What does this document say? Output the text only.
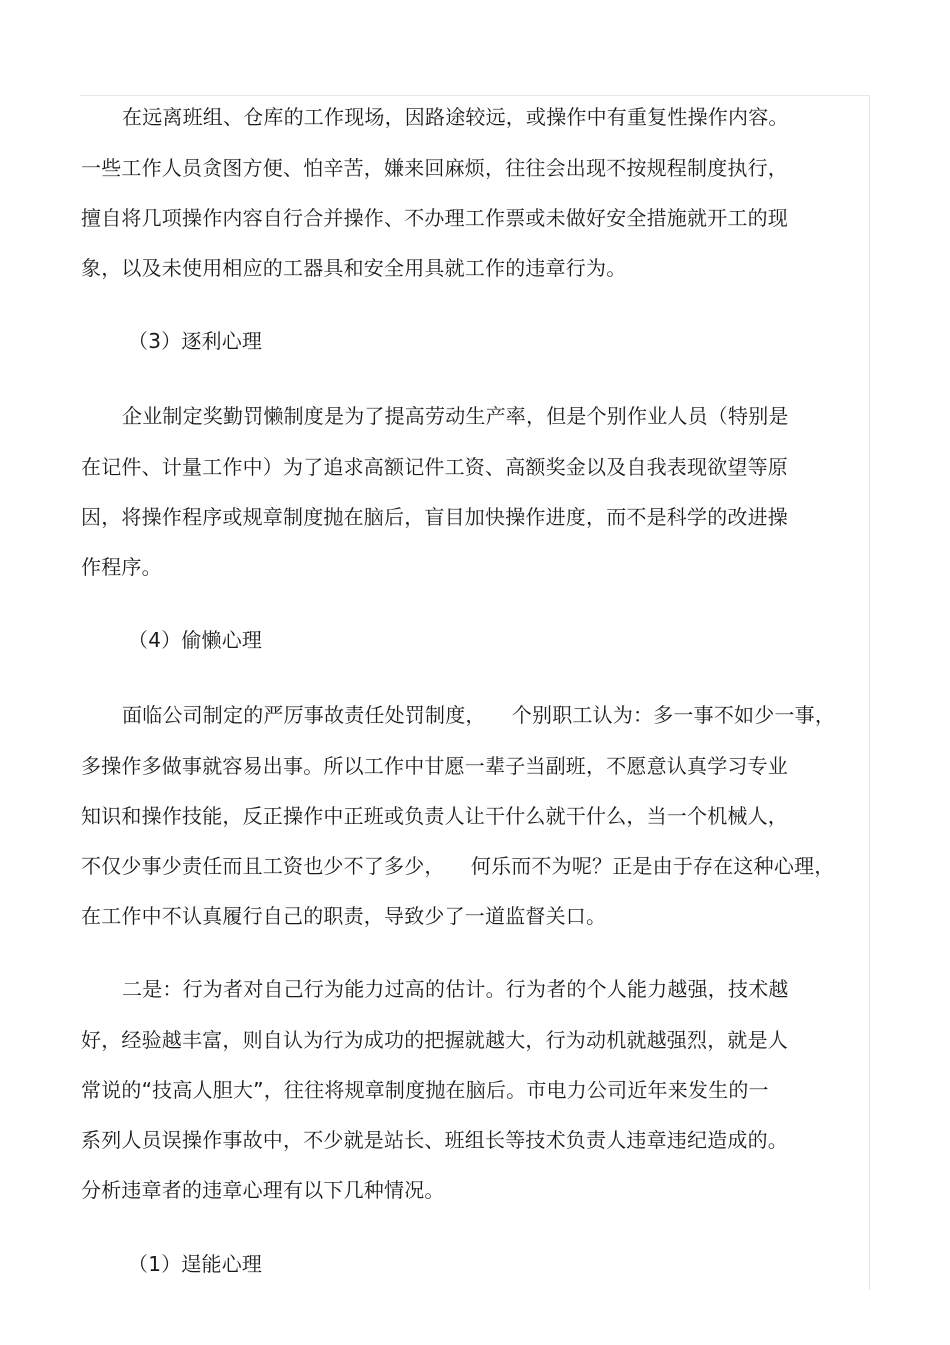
在远离班组、仓库的工作现场，因路途较远，或操作中有重复性操作内容。
一些工作人员贪图方便、怕辛苦，嫌来回麻烦，往往会出现不按规程制度执行，
擅自将几项操作内容自行合并操作、不办理工作票或未做好安全措施就开工的现
象，以及未使用相应的工器具和安全用具就工作的违章行为。
（3）逐利心理
企业制定奖勤罚懒制度是为了提高劳动生产率，但是个别作业人员（特别是
在记件、计量工作中）为了追求高额记件工资、高额奖金以及自我表现欲望等原
因，将操作程序或规章制度抛在脑后，盲目加快操作进度，而不是科学的改进操
作程序。
（4）偷懒心理
面临公司制定的严厉事故责任处罚制度，    个别职工认为：多一事不如少一事，
多操作多做事就容易出事。所以工作中甘愿一辈子当副班，不愿意认真学习专业
知识和操作技能，反正操作中正班或负责人让干什么就干什么，当一个机械人，
不仅少事少责任而且工资也少不了多少，    何乐而不为呢？正是由于存在这种心理，
在工作中不认真履行自己的职责，导致少了一道监督关口。
二是：行为者对自己行为能力过高的估计。行为者的个人能力越强，技术越
好，经验越丰富，则自认为行为成功的把握就越大，行为动机就越强烈，就是人
常说的“技高人胆大”，往往将规章制度抛在脑后。市电力公司近年来发生的一
系列人员误操作事故中，不少就是站长、班组长等技术负责人违章违纪造成的。
分析违章者的违章心理有以下几种情况。
（1）逞能心理
